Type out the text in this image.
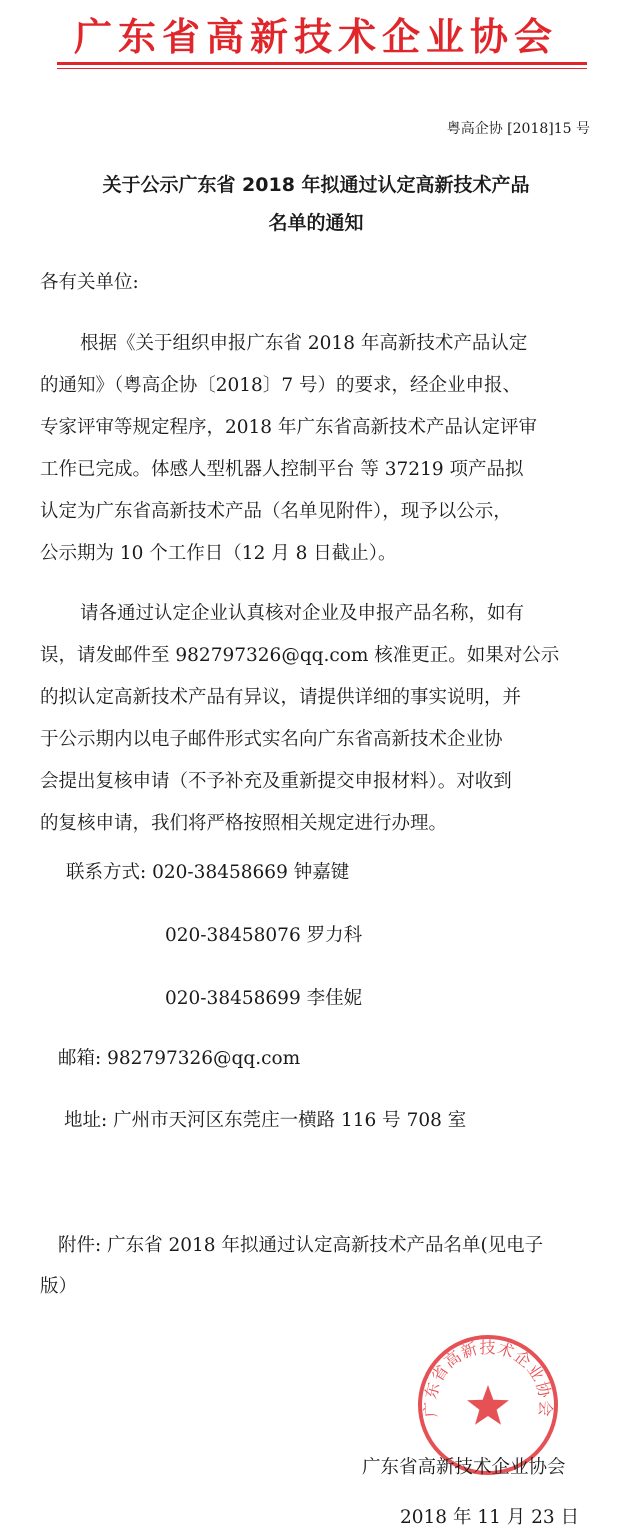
广东省高新技术企业协会
粤高企协 [2018]15 号
关于公示广东省 2018 年拟通过认定高新技术产品
名单的通知
各有关单位:
根据《关于组织申报广东省 2018 年高新技术产品认定
的通知》（粤高企协〔2018〕7 号）的要求，经企业申报、
专家评审等规定程序，2018 年广东省高新技术产品认定评审
工作已完成。体感人型机器人控制平台 等 37219 项产品拟
认定为广东省高新技术产品（名单见附件），现予以公示，
公示期为 10 个工作日（12 月 8 日截止）。
请各通过认定企业认真核对企业及申报产品名称，如有
误，请发邮件至 982797326@qq.com 核准更正。如果对公示
的拟认定高新技术产品有异议，请提供详细的事实说明，并
于公示期内以电子邮件形式实名向广东省高新技术企业协
会提出复核申请（不予补充及重新提交申报材料）。对收到
的复核申请，我们将严格按照相关规定进行办理。
联系方式: 020-38458669 钟嘉键
020-38458076 罗力科
020-38458699 李佳妮
邮箱: 982797326@qq.com
地址: 广州市天河区东莞庄一横路 116 号 708 室
附件: 广东省 2018 年拟通过认定高新技术产品名单(见电子
版）
广东省高新技术企业协会
广东省高新技术企业协会
2018 年 11 月 23 日
